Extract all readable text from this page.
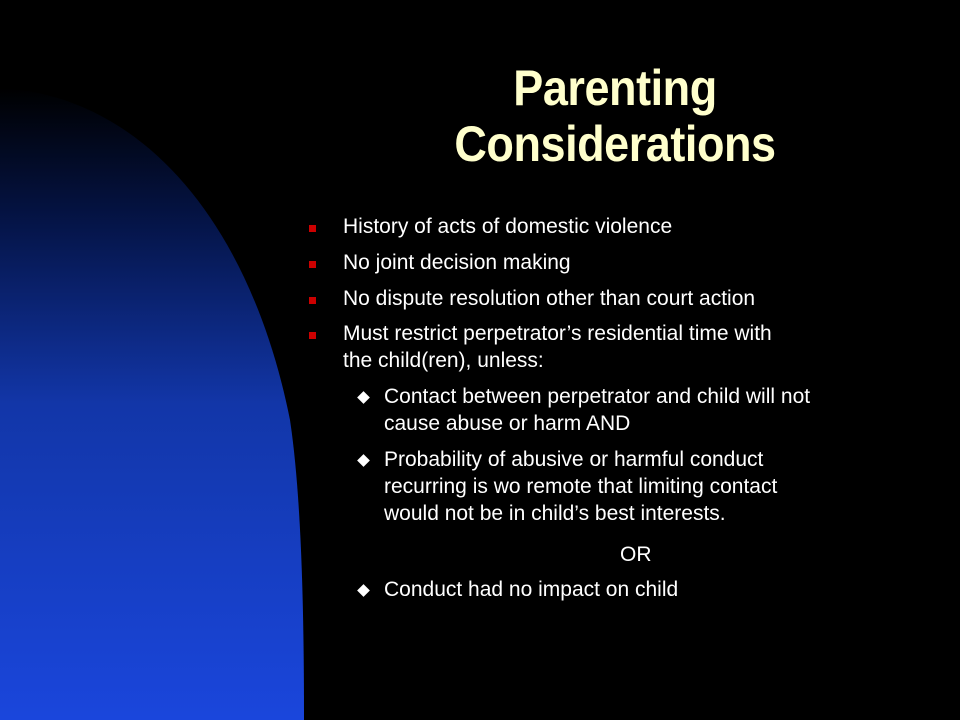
Parenting
Considerations
History of acts of domestic violence
No joint decision making
No dispute resolution other than court action
Must restrict perpetrator’s residential time with
the child(ren), unless:
Contact between perpetrator and child will not
cause abuse or harm AND
Probability of abusive or harmful conduct
recurring is wo remote that limiting contact
would not be in child’s best interests.
OR
Conduct had no impact on child
